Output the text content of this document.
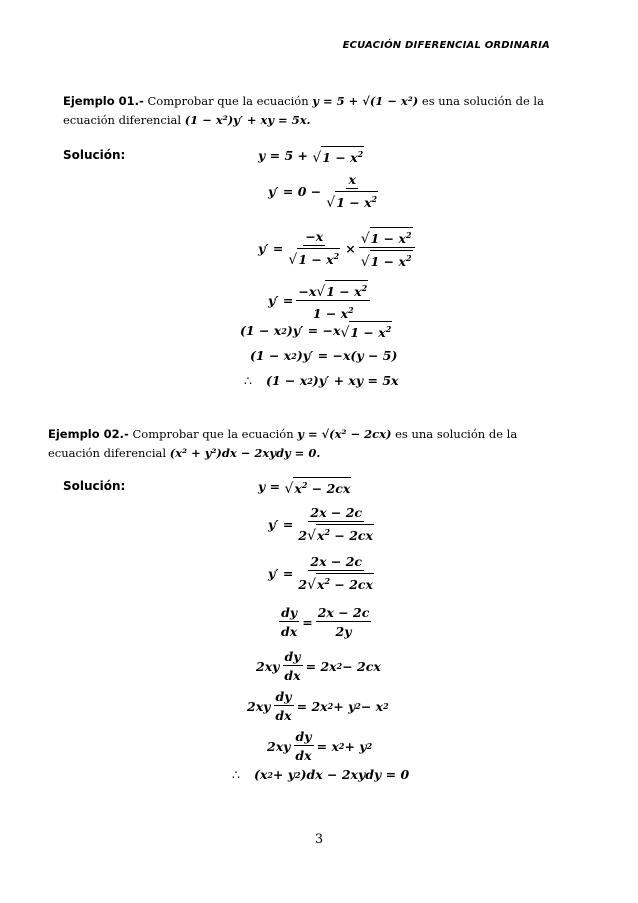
ECUACIÓN DIFERENCIAL ORDINARIA
Ejemplo 01.- Comprobar que la ecuación y = 5 + √(1 − x²) es una solución de la ecuación diferencial (1 − x²)y′ + xy = 5x.
Solución:	y = 5 + √ $1 - x^2$
$y' = 0 - \frac{x}{√ 1 - x^2}$
$y' = \frac{-x}{√ 1 - x^2} \times \frac{√ 1 - x^2}{√ 1 - x^2}$
$y' = \frac{-x √ 1 - x^2}{1 - x^2}$
(1 − x 2 )y′ = −x √ $1 - x^2$
(1 − x 2 )y′ = −x(y − 5)
∴ (1 − x 2 )y′ + xy = 5x
Ejemplo 02.- Comprobar que la ecuación y = √(x² − 2cx) es una solución de la ecuación diferencial (x² + y²)dx − 2xydy = 0.
Solución:	y = √ $x^2 - 2cx$
$y' = \frac{2x - 2c}{2 √ x^2 - 2cx}$
$y' = \frac{2x - 2c}{2 √ x^2 - 2cx}$
$\frac{dy}{dx} = \frac{2x - 2c}{2y}$
$2xy \frac{dy}{dx} = 2x$ 2 − 2cx
$2xy \frac{dy}{dx} = 2x$ 2 + y 2 − x 2
$2xy \frac{dy}{dx} = x$ 2 + y 2
∴ (x 2 + y 2 )dx − 2xydy = 0
3
